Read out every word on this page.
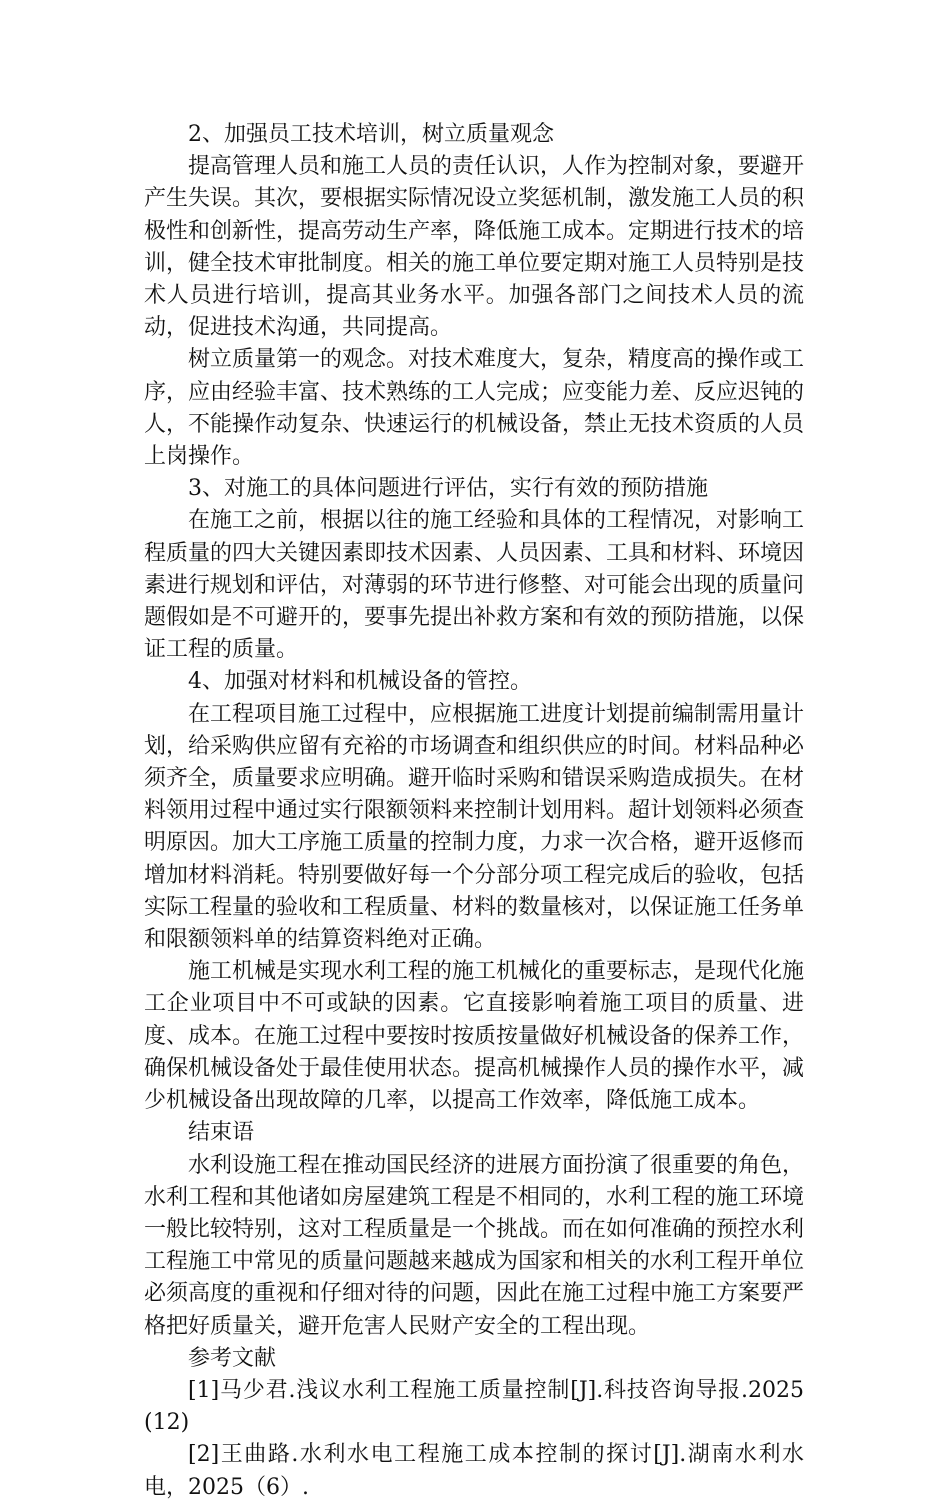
2、加强员工技术培训，树立质量观念

提高管理人员和施工人员的责任认识，人作为控制对象，要避开产生失误。其次，要根据实际情况设立奖惩机制，激发施工人员的积极性和创新性，提高劳动生产率，降低施工成本。定期进行技术的培训，健全技术审批制度。相关的施工单位要定期对施工人员特别是技术人员进行培训，提高其业务水平。加强各部门之间技术人员的流动，促进技术沟通，共同提高。

树立质量第一的观念。对技术难度大，复杂，精度高的操作或工序，应由经验丰富、技术熟练的工人完成；应变能力差、反应迟钝的人，不能操作动复杂、快速运行的机械设备，禁止无技术资质的人员上岗操作。

3、对施工的具体问题进行评估，实行有效的预防措施

在施工之前，根据以往的施工经验和具体的工程情况，对影响工程质量的四大关键因素即技术因素、人员因素、工具和材料、环境因素进行规划和评估，对薄弱的环节进行修整、对可能会出现的质量问题假如是不可避开的，要事先提出补救方案和有效的预防措施，以保证工程的质量。

4、加强对材料和机械设备的管控。

在工程项目施工过程中，应根据施工进度计划提前编制需用量计划，给采购供应留有充裕的市场调查和组织供应的时间。材料品种必须齐全，质量要求应明确。避开临时采购和错误采购造成损失。在材料领用过程中通过实行限额领料来控制计划用料。超计划领料必须查明原因。加大工序施工质量的控制力度，力求一次合格，避开返修而增加材料消耗。特别要做好每一个分部分项工程完成后的验收，包括实际工程量的验收和工程质量、材料的数量核对，以保证施工任务单和限额领料单的结算资料绝对正确。

施工机械是实现水利工程的施工机械化的重要标志，是现代化施工企业项目中不可或缺的因素。它直接影响着施工项目的质量、进度、成本。在施工过程中要按时按质按量做好机械设备的保养工作，确保机械设备处于最佳使用状态。提高机械操作人员的操作水平，减少机械设备出现故障的几率，以提高工作效率，降低施工成本。

结束语

水利设施工程在推动国民经济的进展方面扮演了很重要的角色，水利工程和其他诸如房屋建筑工程是不相同的，水利工程的施工环境一般比较特别，这对工程质量是一个挑战。而在如何准确的预控水利工程施工中常见的质量问题越来越成为国家和相关的水利工程开单位必须高度的重视和仔细对待的问题，因此在施工过程中施工方案要严格把好质量关，避开危害人民财产安全的工程出现。

参考文献

[1]马少君.浅议水利工程施工质量控制[J].科技咨询导报.2025(12)

[2]王曲路.水利水电工程施工成本控制的探讨[J].湖南水利水电，2025（6）.
